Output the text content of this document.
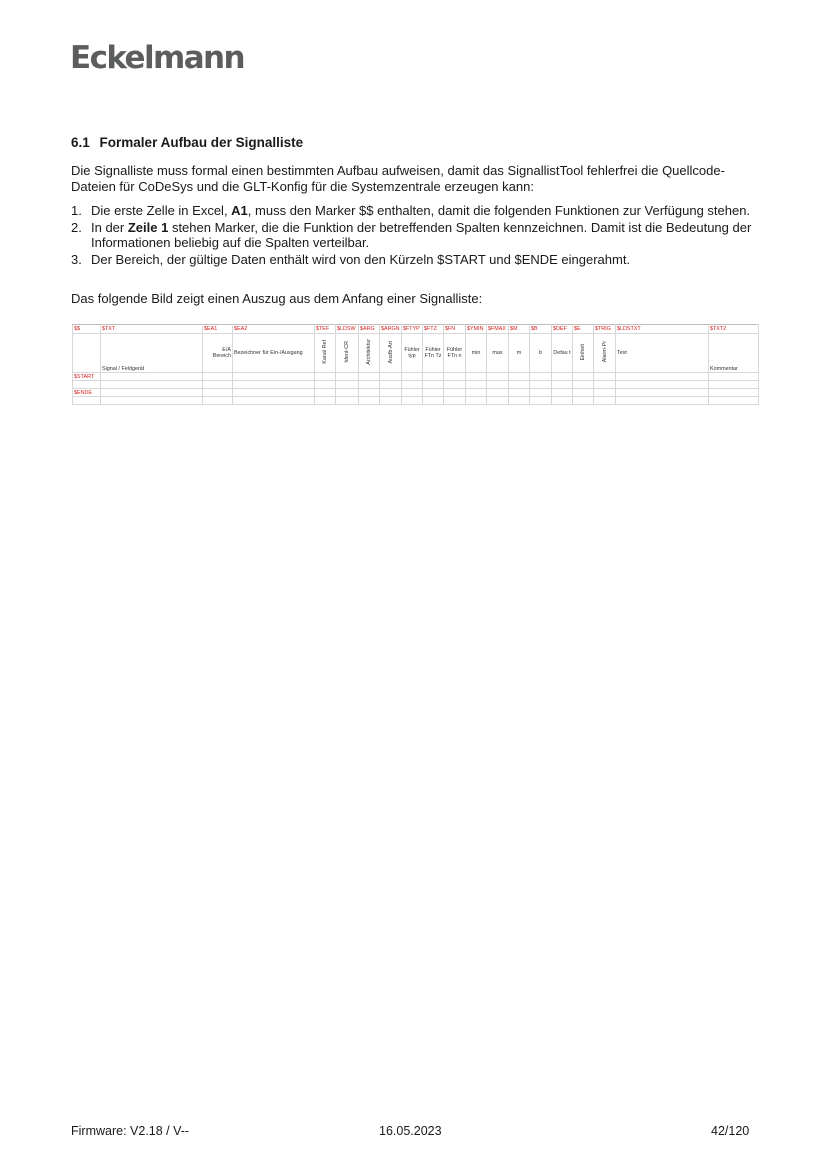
Eckelmann
6.1 Formaler Aufbau der Signalliste
Die Signalliste muss formal einen bestimmten Aufbau aufweisen, damit das SignallistTool fehlerfrei die Quellcode-Dateien für CoDeSys und die GLT-Konfig für die Systemzentrale erzeugen kann:
1. Die erste Zelle in Excel, A1, muss den Marker $$ enthalten, damit die folgenden Funktionen zur Verfügung stehen.
2. In der Zeile 1 stehen Marker, die die Funktion der betreffenden Spalten kennzeichnen. Damit ist die Bedeutung der Informationen beliebig auf die Spalten verteilbar.
3. Der Bereich, der gültige Daten enthält wird von den Kürzeln $START und $ENDE eingerahmt.
Das folgende Bild zeigt einen Auszug aus dem Anfang einer Signalliste:
$$	$TXT	$EA1	$EA2	$TEF	$LDSW	$ARG	$ARGN	$FTYP	$FTZ	$FN	$YMIN	$FMAX	$M	$B	$DEF	$E	$TRIG	$LDSTXT	$TXT2
	Signal / Feldgerät	E/A Bereich	Bezeichner für Ein-/Ausgang	Kanal Ref	Ident-CR	Architektur	Ausfb-Art	Fühler typ	Fühler FTn Tz	Fühler FTn n	min	max	m	b	Defau t	Einheit	Alarm-Pr	Text	Kommentar
$START																			

$ENDE																			

Firmware: V2.18 / V--	16.05.2023	42/120
